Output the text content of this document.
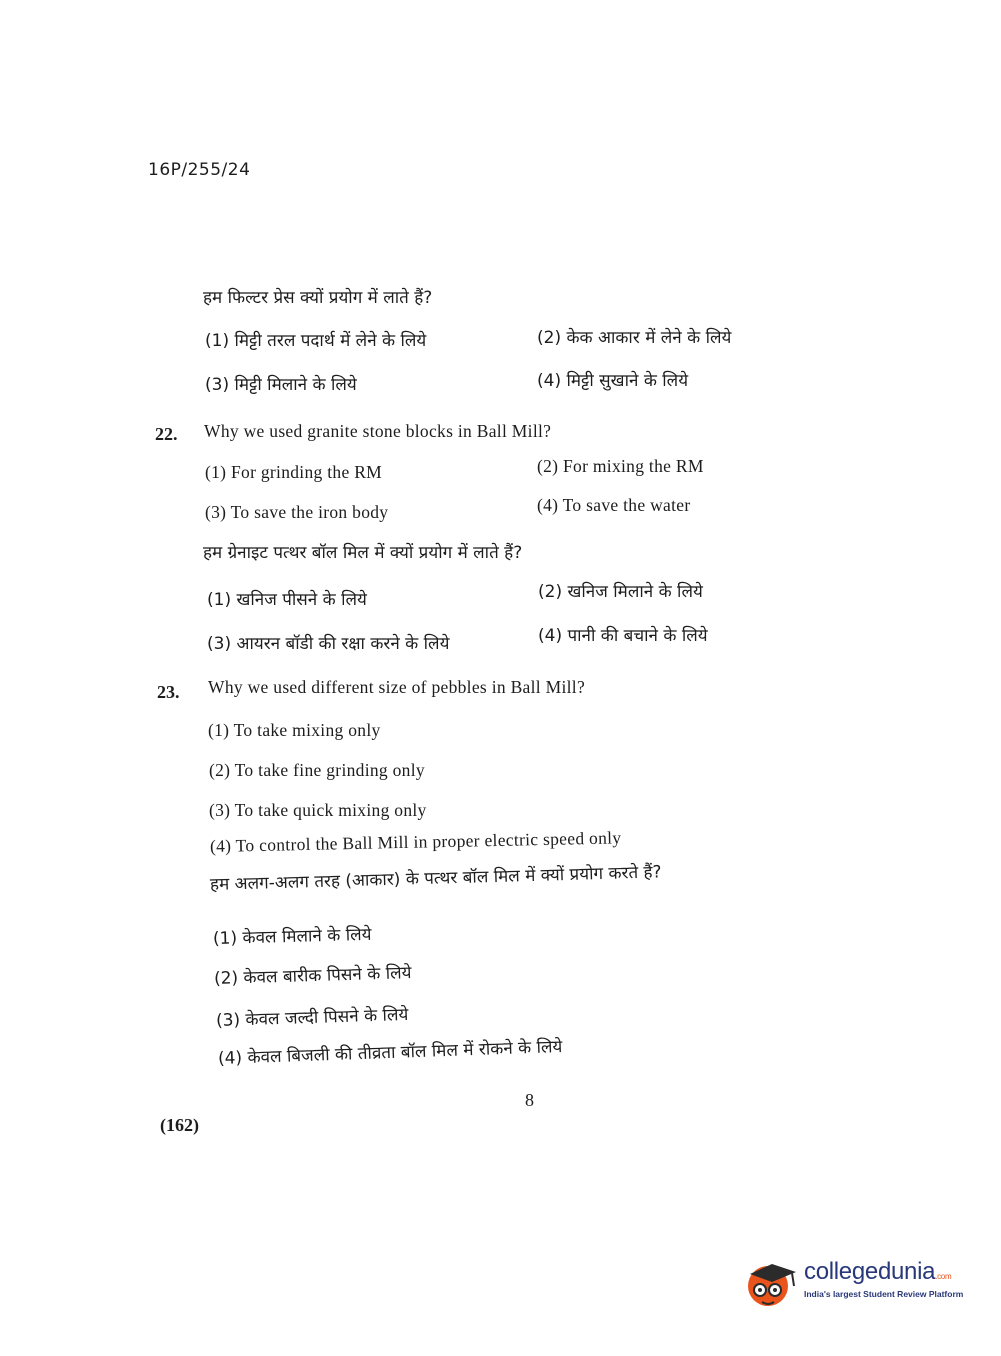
16P/255/24
हम फिल्टर प्रेस क्यों प्रयोग में लाते हैं?
(1) मिट्टी तरल पदार्थ में लेने के लिये	(2) केक आकार में लेने के लिये
(3) मिट्टी मिलाने के लिये	(4) मिट्टी सुखाने के लिये
22. Why we used granite stone blocks in Ball Mill?
(1) For grinding the RM	(2) For mixing the RM
(3) To save the iron body	(4) To save the water
हम ग्रेनाइट पत्थर बॉल मिल में क्यों प्रयोग में लाते हैं?
(1) खनिज पीसने के लिये	(2) खनिज मिलाने के लिये
(3) आयरन बॉडी की रक्षा करने के लिये	(4) पानी की बचाने के लिये
23. Why we used different size of pebbles in Ball Mill?
(1) To take mixing only
(2) To take fine grinding only
(3) To take quick mixing only
(4) To control the Ball Mill in proper electric speed only
हम अलग-अलग तरह (आकार) के पत्थर बॉल मिल में क्यों प्रयोग करते हैं?
(1) केवल मिलाने के लिये
(2) केवल बारीक पिसने के लिये
(3) केवल जल्दी पिसने के लिये
(4) केवल बिजली की तीव्रता बॉल मिल में रोकने के लिये
8
(162)
collegedunia.com
India's largest Student Review Platform
